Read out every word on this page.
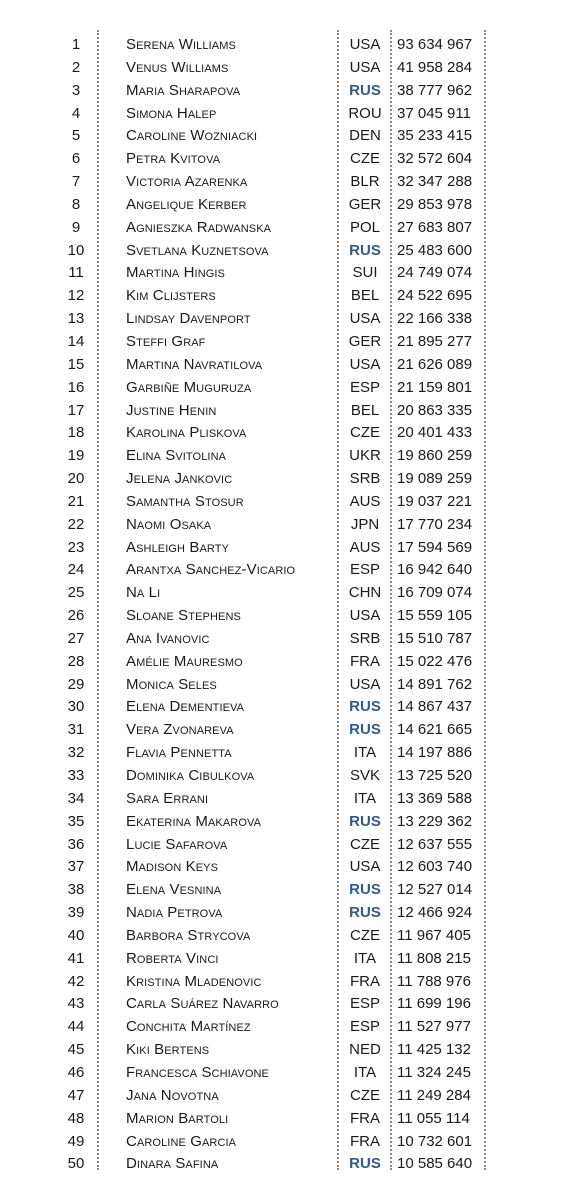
1	Serena Williams	USA	93 634 967
2	Venus Williams	USA	41 958 284
3	Maria Sharapova	RUS	38 777 962
4	Simona Halep	ROU	37 045 911
5	Caroline Wozniacki	DEN	35 233 415
6	Petra Kvitova	CZE	32 572 604
7	Victoria Azarenka	BLR	32 347 288
8	Angelique Kerber	GER	29 853 978
9	Agnieszka Radwanska	POL	27 683 807
10	Svetlana Kuznetsova	RUS	25 483 600
11	Martina Hingis	SUI	24 749 074
12	Kim Clijsters	BEL	24 522 695
13	Lindsay Davenport	USA	22 166 338
14	Steffi Graf	GER	21 895 277
15	Martina Navratilova	USA	21 626 089
16	Garbiñe Muguruza	ESP	21 159 801
17	Justine Henin	BEL	20 863 335
18	Karolina Pliskova	CZE	20 401 433
19	Elina Svitolina	UKR	19 860 259
20	Jelena Jankovic	SRB	19 089 259
21	Samantha Stosur	AUS	19 037 221
22	Naomi Osaka	JPN	17 770 234
23	Ashleigh Barty	AUS	17 594 569
24	Arantxa Sanchez-Vicario	ESP	16 942 640
25	Na Li	CHN	16 709 074
26	Sloane Stephens	USA	15 559 105
27	Ana Ivanovic	SRB	15 510 787
28	Amélie Mauresmo	FRA	15 022 476
29	Monica Seles	USA	14 891 762
30	Elena Dementieva	RUS	14 867 437
31	Vera Zvonareva	RUS	14 621 665
32	Flavia Pennetta	ITA	14 197 886
33	Dominika Cibulkova	SVK	13 725 520
34	Sara Errani	ITA	13 369 588
35	Ekaterina Makarova	RUS	13 229 362
36	Lucie Safarova	CZE	12 637 555
37	Madison Keys	USA	12 603 740
38	Elena Vesnina	RUS	12 527 014
39	Nadia Petrova	RUS	12 466 924
40	Barbora Strycova	CZE	11 967 405
41	Roberta Vinci	ITA	11 808 215
42	Kristina Mladenovic	FRA	11 788 976
43	Carla Suárez Navarro	ESP	11 699 196
44	Conchita Martínez	ESP	11 527 977
45	Kiki Bertens	NED	11 425 132
46	Francesca Schiavone	ITA	11 324 245
47	Jana Novotna	CZE	11 249 284
48	Marion Bartoli	FRA	11 055 114
49	Caroline Garcia	FRA	10 732 601
50	Dinara Safina	RUS	10 585 640
